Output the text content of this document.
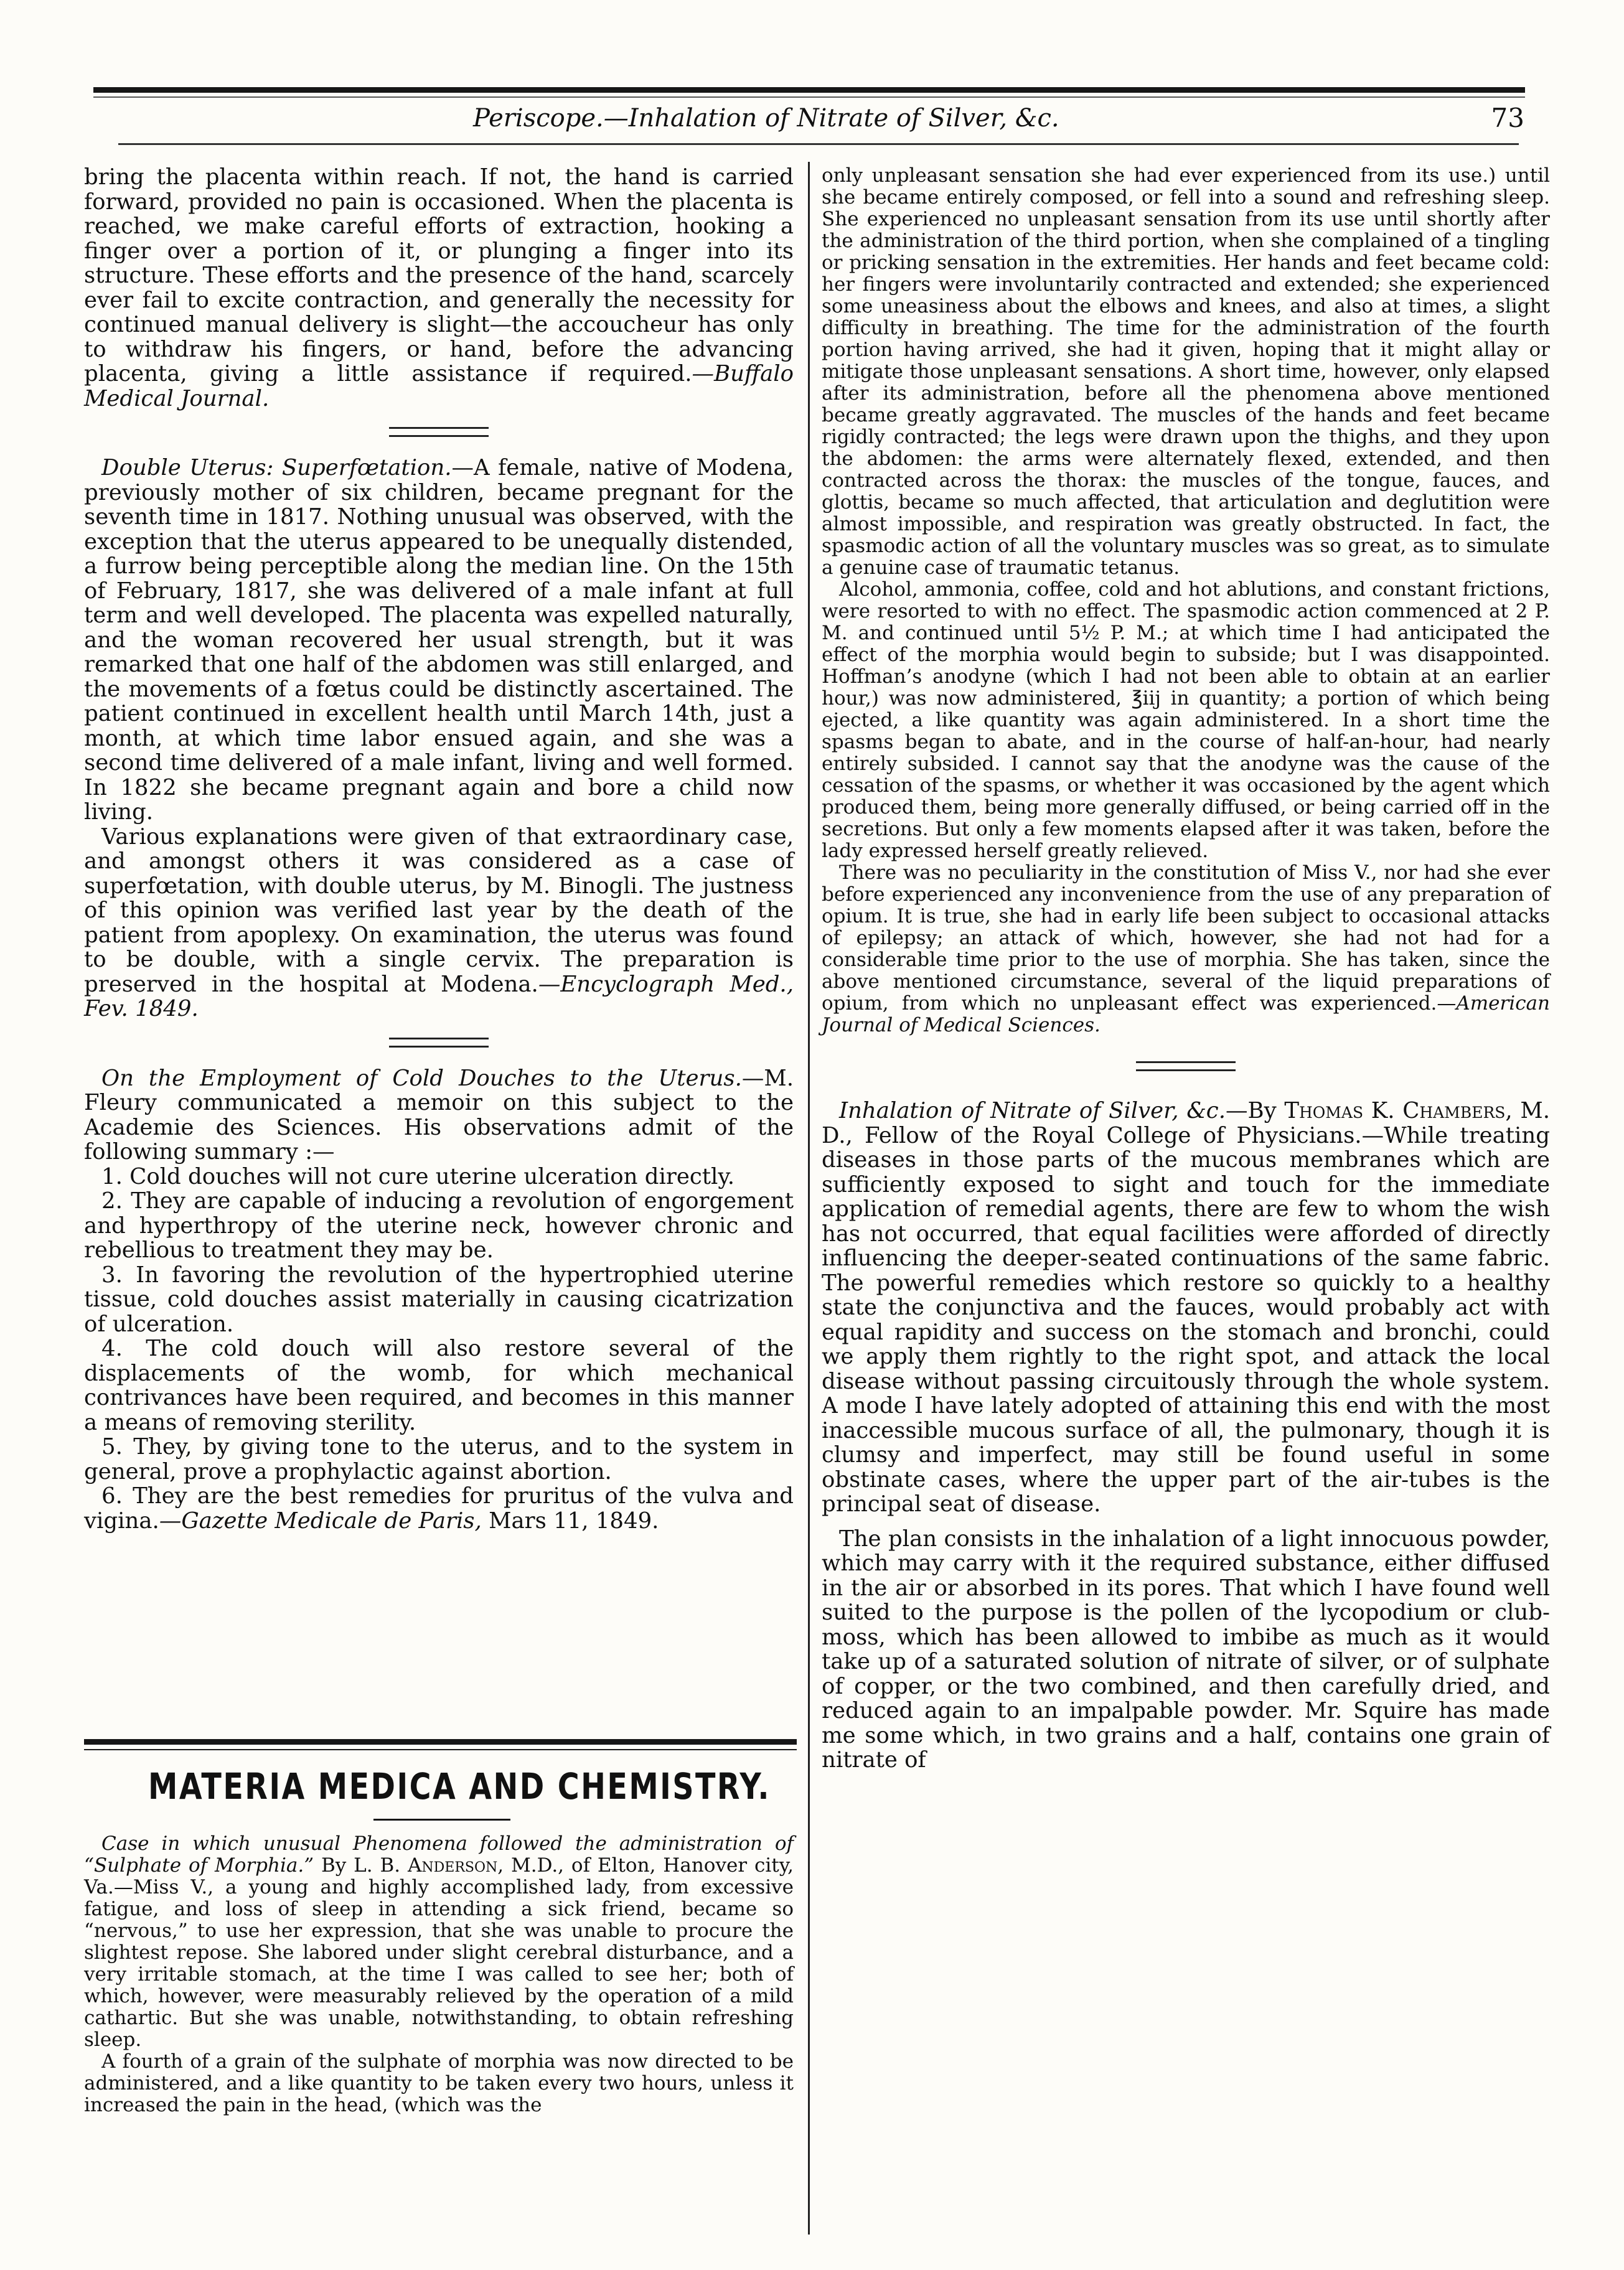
Periscope.—Inhalation of Nitrate of Silver, &c.	73

bring the placenta within reach. If not, the hand is carried forward, provided no pain is occasioned. When the placenta is reached, we make careful efforts of extraction, hooking a finger over a portion of it, or plunging a finger into its structure. These efforts and the presence of the hand, scarcely ever fail to excite contraction, and generally the necessity for continued manual delivery is slight—the accoucheur has only to withdraw his fingers, or hand, before the advancing placenta, giving a little assistance if required.—Buffalo Medical Journal.

Double Uterus: Superfœtation.—A female, native of Modena, previously mother of six children, became pregnant for the seventh time in 1817. Nothing unusual was observed, with the exception that the uterus appeared to be unequally distended, a furrow being perceptible along the median line. On the 15th of February, 1817, she was delivered of a male infant at full term and well developed. The placenta was expelled naturally, and the woman recovered her usual strength, but it was remarked that one half of the abdomen was still enlarged, and the movements of a fœtus could be distinctly ascertained. The patient continued in excellent health until March 14th, just a month, at which time labor ensued again, and she was a second time delivered of a male infant, living and well formed. In 1822 she became pregnant again and bore a child now living.

Various explanations were given of that extraordinary case, and amongst others it was considered as a case of superfœtation, with double uterus, by M. Binogli. The justness of this opinion was verified last year by the death of the patient from apoplexy. On examination, the uterus was found to be double, with a single cervix. The preparation is preserved in the hospital at Modena.—Encyclograph Med., Fev. 1849.

On the Employment of Cold Douches to the Uterus.—M. Fleury communicated a memoir on this subject to the Academie des Sciences. His observations admit of the following summary :—

1. Cold douches will not cure uterine ulceration directly.

2. They are capable of inducing a revolution of engorgement and hyperthropy of the uterine neck, however chronic and rebellious to treatment they may be.

3. In favoring the revolution of the hypertrophied uterine tissue, cold douches assist materially in causing cicatrization of ulceration.

4. The cold douch will also restore several of the displacements of the womb, for which mechanical contrivances have been required, and becomes in this manner a means of removing sterility.

5. They, by giving tone to the uterus, and to the system in general, prove a prophylactic against abortion.

6. They are the best remedies for pruritus of the vulva and vigina.—Gazette Medicale de Paris, Mars 11, 1849.

MATERIA MEDICA AND CHEMISTRY.

Case in which unusual Phenomena followed the administration of “Sulphate of Morphia.” By L. B. Anderson, M.D., of Elton, Hanover city, Va.—Miss V., a young and highly accomplished lady, from excessive fatigue, and loss of sleep in attending a sick friend, became so “nervous,” to use her expression, that she was unable to procure the slightest repose. She labored under slight cerebral disturbance, and a very irritable stomach, at the time I was called to see her; both of which, however, were measurably relieved by the operation of a mild cathartic. But she was unable, notwithstanding, to obtain refreshing sleep.

A fourth of a grain of the sulphate of morphia was now directed to be administered, and a like quantity to be taken every two hours, unless it increased the pain in the head, (which was the

only unpleasant sensation she had ever experienced from its use.) until she became entirely composed, or fell into a sound and refreshing sleep. She experienced no unpleasant sensation from its use until shortly after the administration of the third portion, when she complained of a tingling or pricking sensation in the extremities. Her hands and feet became cold: her fingers were involuntarily contracted and extended; she experienced some uneasiness about the elbows and knees, and also at times, a slight difficulty in breathing. The time for the administration of the fourth portion having arrived, she had it given, hoping that it might allay or mitigate those unpleasant sensations. A short time, however, only elapsed after its administration, before all the phenomena above mentioned became greatly aggravated. The muscles of the hands and feet became rigidly contracted; the legs were drawn upon the thighs, and they upon the abdomen: the arms were alternately flexed, extended, and then contracted across the thorax: the muscles of the tongue, fauces, and glottis, became so much affected, that articulation and deglutition were almost impossible, and respiration was greatly obstructed. In fact, the spasmodic action of all the voluntary muscles was so great, as to simulate a genuine case of traumatic tetanus.

Alcohol, ammonia, coffee, cold and hot ablutions, and constant frictions, were resorted to with no effect. The spasmodic action commenced at 2 P. M. and continued until 5½ P. M.; at which time I had anticipated the effect of the morphia would begin to subside; but I was disappointed. Hoffman’s anodyne (which I had not been able to obtain at an earlier hour,) was now administered, ℥iij in quantity; a portion of which being ejected, a like quantity was again administered. In a short time the spasms began to abate, and in the course of half-an-hour, had nearly entirely subsided. I cannot say that the anodyne was the cause of the cessation of the spasms, or whether it was occasioned by the agent which produced them, being more generally diffused, or being carried off in the secretions. But only a few moments elapsed after it was taken, before the lady expressed herself greatly relieved.

There was no peculiarity in the constitution of Miss V., nor had she ever before experienced any inconvenience from the use of any preparation of opium. It is true, she had in early life been subject to occasional attacks of epilepsy; an attack of which, however, she had not had for a considerable time prior to the use of morphia. She has taken, since the above mentioned circumstance, several of the liquid preparations of opium, from which no unpleasant effect was experienced.—American Journal of Medical Sciences.

Inhalation of Nitrate of Silver, &c.—By Thomas K. Chambers, M. D., Fellow of the Royal College of Physicians.—While treating diseases in those parts of the mucous membranes which are sufficiently exposed to sight and touch for the immediate application of remedial agents, there are few to whom the wish has not occurred, that equal facilities were afforded of directly influencing the deeper-seated continuations of the same fabric. The powerful remedies which restore so quickly to a healthy state the conjunctiva and the fauces, would probably act with equal rapidity and success on the stomach and bronchi, could we apply them rightly to the right spot, and attack the local disease without passing circuitously through the whole system. A mode I have lately adopted of attaining this end with the most inaccessible mucous surface of all, the pulmonary, though it is clumsy and imperfect, may still be found useful in some obstinate cases, where the upper part of the air-tubes is the principal seat of disease.

The plan consists in the inhalation of a light innocuous powder, which may carry with it the required substance, either diffused in the air or absorbed in its pores. That which I have found well suited to the purpose is the pollen of the lycopodium or club-moss, which has been allowed to imbibe as much as it would take up of a saturated solution of nitrate of silver, or of sulphate of copper, or the two combined, and then carefully dried, and reduced again to an impalpable powder. Mr. Squire has made me some which, in two grains and a half, contains one grain of nitrate of
